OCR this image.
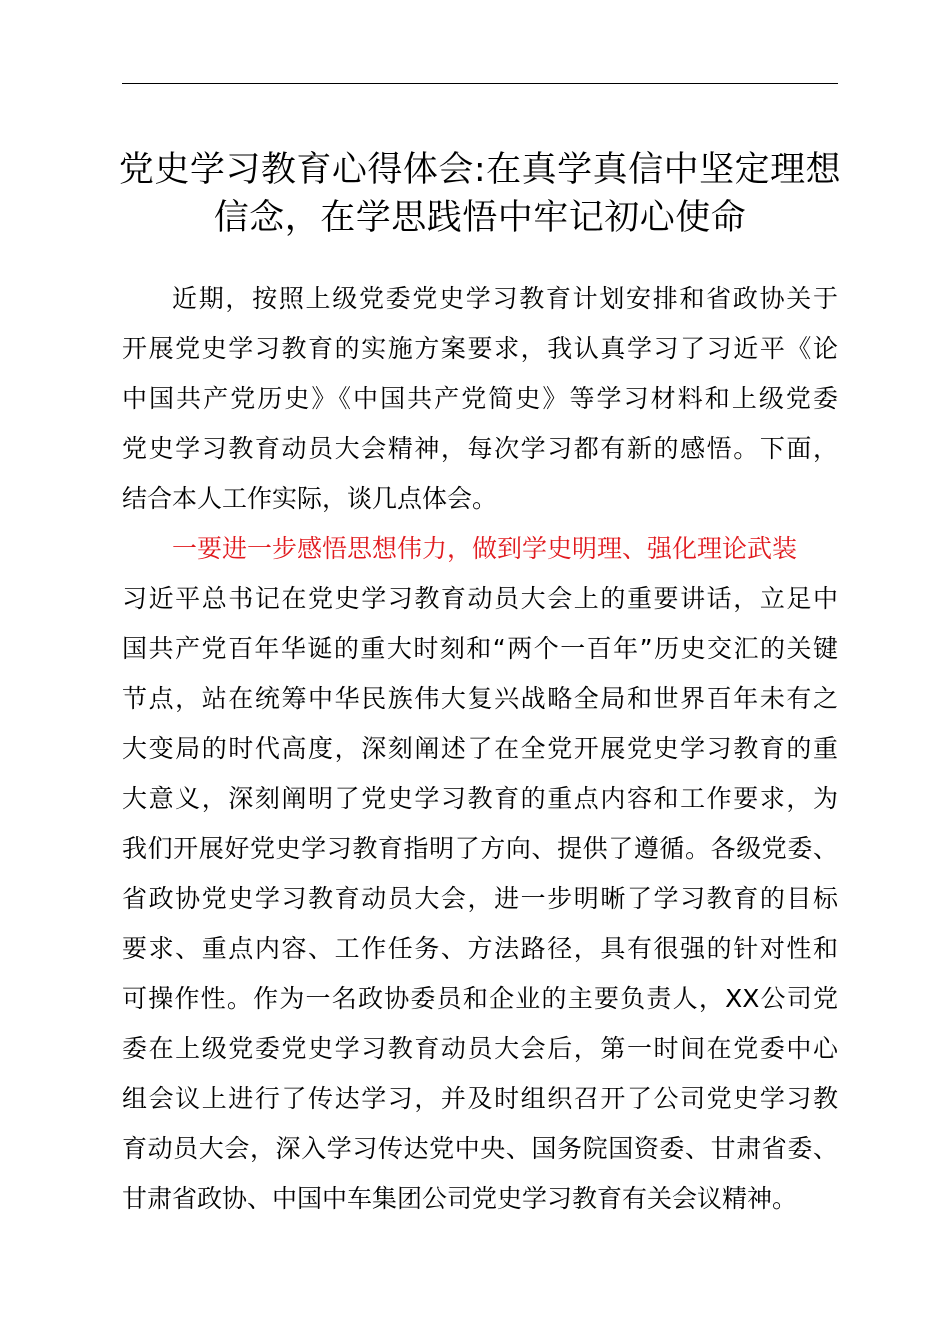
党史学习教育心得体会:在真学真信中坚定理想
信念，在学思践悟中牢记初心使命
近期，按照上级党委党史学习教育计划安排和省政协关于
开展党史学习教育的实施方案要求，我认真学习了习近平《论
中国共产党历史》《中国共产党简史》等学习材料和上级党委
党史学习教育动员大会精神，每次学习都有新的感悟。下面，
结合本人工作实际，谈几点体会。
一要进一步感悟思想伟力，做到学史明理、强化理论武装
习近平总书记在党史学习教育动员大会上的重要讲话，立足中
国共产党百年华诞的重大时刻和“两个一百年”历史交汇的关键
节点，站在统筹中华民族伟大复兴战略全局和世界百年未有之
大变局的时代高度，深刻阐述了在全党开展党史学习教育的重
大意义，深刻阐明了党史学习教育的重点内容和工作要求，为
我们开展好党史学习教育指明了方向、提供了遵循。各级党委、
省政协党史学习教育动员大会，进一步明晰了学习教育的目标
要求、重点内容、工作任务、方法路径，具有很强的针对性和
可操作性。作为一名政协委员和企业的主要负责人，XX公司党
委在上级党委党史学习教育动员大会后，第一时间在党委中心
组会议上进行了传达学习，并及时组织召开了公司党史学习教
育动员大会，深入学习传达党中央、国务院国资委、甘肃省委、
甘肃省政协、中国中车集团公司党史学习教育有关会议精神。
